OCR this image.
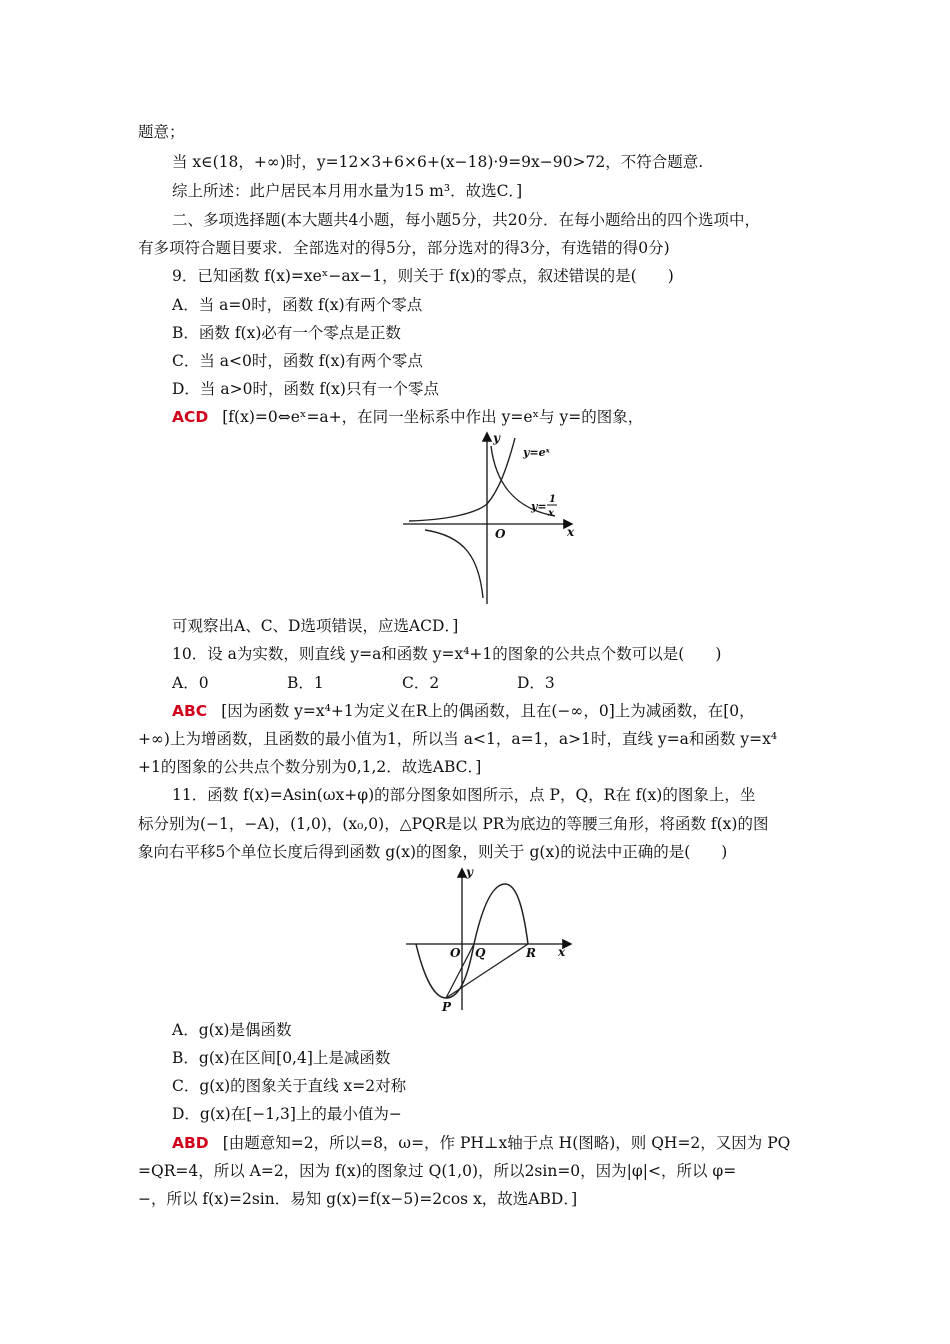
题意；
当 x∈(18，+∞)时，y=12×3+6×6+(x−18)·9=9x−90>72，不符合题意.
综上所述：此户居民本月用水量为15 m³．故选C．]
二、多项选择题(本大题共4小题，每小题5分，共20分．在每小题给出的四个选项中，
有多项符合题目要求．全部选对的得5分，部分选对的得3分，有选错的得0分)
9．已知函数 f(x)=xeˣ−ax−1，则关于 f(x)的零点，叙述错误的是(　　)
A．当 a=0时，函数 f(x)有两个零点
B．函数 f(x)必有一个零点是正数
C．当 a<0时，函数 f(x)有两个零点
D．当 a>0时，函数 f(x)只有一个零点
ACD [f(x)=0⇔eˣ=a+，在同一坐标系中作出 y=eˣ与 y=的图象，
y
x
O
y=eˣ
y=
1
x
可观察出A、C、D选项错误，应选ACD．]
10．设 a为实数，则直线 y=a和函数 y=x⁴+1的图象的公共点个数可以是(　　)
A．0	B．1	C．2	D．3
ABC [因为函数 y=x⁴+1为定义在R上的偶函数，且在(−∞，0]上为减函数，在[0，
+∞)上为增函数，且函数的最小值为1，所以当 a<1，a=1，a>1时，直线 y=a和函数 y=x⁴
+1的图象的公共点个数分别为0,1,2．故选ABC．]
11．函数 f(x)=Asin(ωx+φ)的部分图象如图所示，点 P，Q，R在 f(x)的图象上，坐
标分别为(−1，−A)，(1,0)，(x₀,0)，△PQR是以 PR为底边的等腰三角形，将函数 f(x)的图
象向右平移5个单位长度后得到函数 g(x)的图象，则关于 g(x)的说法中正确的是(　　)
y
x
O Q	R
P
A．g(x)是偶函数
B．g(x)在区间[0,4]上是减函数
C．g(x)的图象关于直线 x=2对称
D．g(x)在[−1,3]上的最小值为−
ABD [由题意知=2，所以=8，ω=，作 PH⊥x轴于点 H(图略)，则 QH=2，又因为 PQ
=QR=4，所以 A=2，因为 f(x)的图象过 Q(1,0)，所以2sin=0，因为|φ|<，所以 φ=
−，所以 f(x)=2sin．易知 g(x)=f(x−5)=2cos x，故选ABD．]
